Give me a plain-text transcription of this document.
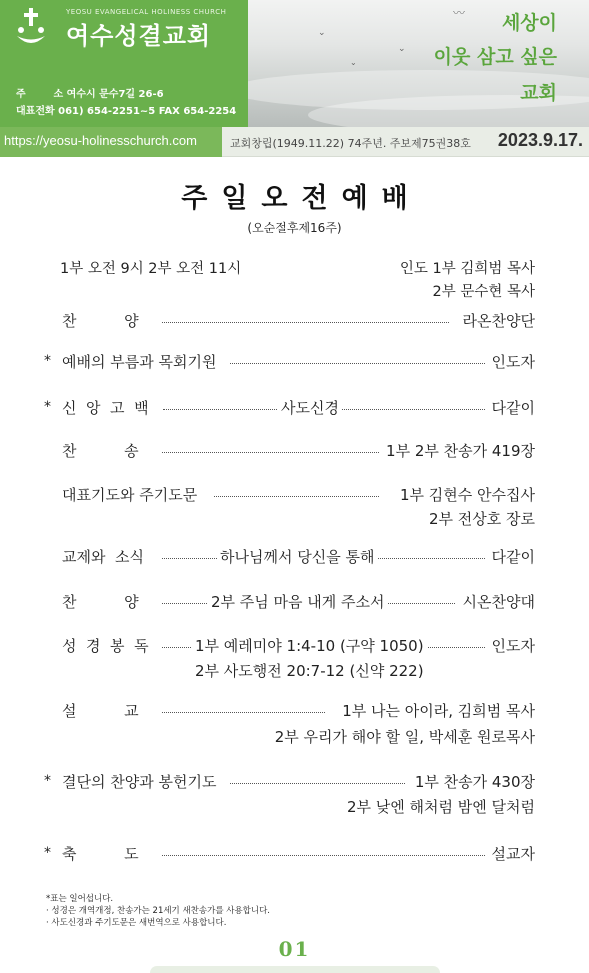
YEOSU EVANGELICAL HOLINESS CHURCH
여수성결교회
주        소 여수시 문수7길 26-6
대표전화 061) 654-2251~5 FAX 654-2254
〰
⌄
⌄
⌄
세상이
이웃 삼고 싶은
교회
https://yeosu-holinesschurch.com	교회창립(1949.11.22) 74주년. 주보제75권38호 2023.9.17.
주일오전예배
(오순절후제16주)
1부 오전 9시 2부 오전 11시	인도 1부 김희범 목사
2부 문수현 목사
찬          양	라온찬양단
* 예배의 부름과 목회기원	인도자
* 신  앙  고  백	사도신경	다같이
찬          송	1부 2부 찬송가 419장
대표기도와 주기도문	1부 김현수 안수집사
2부 전상호 장로
교제와  소식	하나님께서 당신을 통해	다같이
찬          양	2부 주님 마음 내게 주소서	시온찬양대
성  경  봉  독	1부 예레미야 1:4-10 (구약 1050)	인도자
2부 사도행전 20:7-12 (신약 222)
설          교	1부 나는 아이라, 김희범 목사
2부 우리가 해야 할 일, 박세훈 원로목사
* 결단의 찬양과 봉헌기도	1부 찬송가 430장
2부 낮엔 해처럼 밤엔 달처럼
* 축          도	설교자
*표는 일어섭니다.
· 성경은 개역개정, 찬송가는 21세기 새찬송가를 사용합니다.
· 사도신경과 주기도문은 새번역으로 사용합니다.
01
